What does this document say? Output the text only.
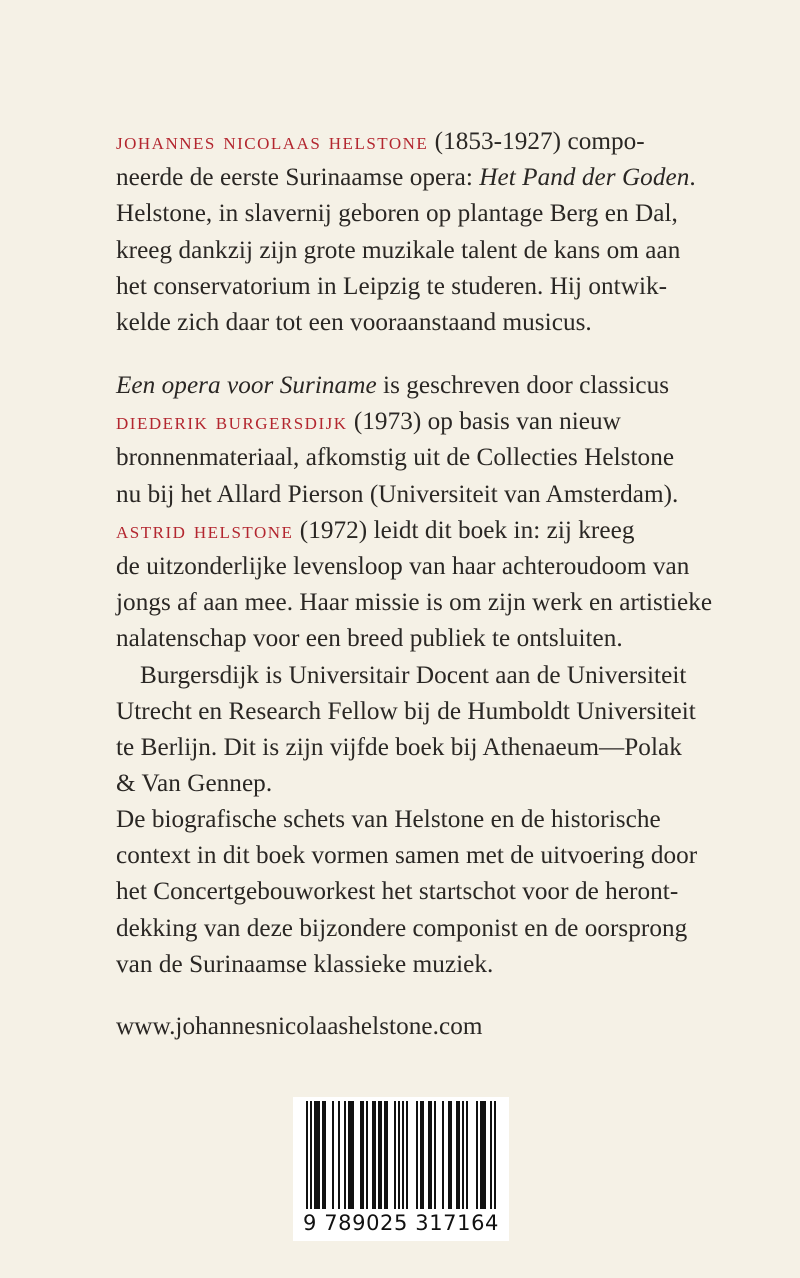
johannes nicolaas helstone (1853-1927) compo-
neerde de eerste Surinaamse opera: Het Pand der Goden.
Helstone, in slavernij geboren op plantage Berg en Dal,
kreeg dankzij zijn grote muzikale talent de kans om aan
het conservatorium in Leipzig te studeren. Hij ontwik-
kelde zich daar tot een vooraanstaand musicus.
Een opera voor Suriname is geschreven door classicus
diederik burgersdijk (1973) op basis van nieuw
bronnenmateriaal, afkomstig uit de Collecties Helstone
nu bij het Allard Pierson (Universiteit van Amsterdam).
astrid helstone (1972) leidt dit boek in: zij kreeg
de uitzonderlijke levensloop van haar achteroudoom van
jongs af aan mee. Haar missie is om zijn werk en artistieke
nalatenschap voor een breed publiek te ontsluiten.
Burgersdijk is Universitair Docent aan de Universiteit
Utrecht en Research Fellow bij de Humboldt Universiteit
te Berlijn. Dit is zijn vijfde boek bij Athenaeum—Polak
& Van Gennep.
De biografische schets van Helstone en de historische
context in dit boek vormen samen met de uitvoering door
het Concertgebouworkest het startschot voor de heront-
dekking van deze bijzondere componist en de oorsprong
van de Surinaamse klassieke muziek.
www.johannesnicolaashelstone.com
9 789025 317164
